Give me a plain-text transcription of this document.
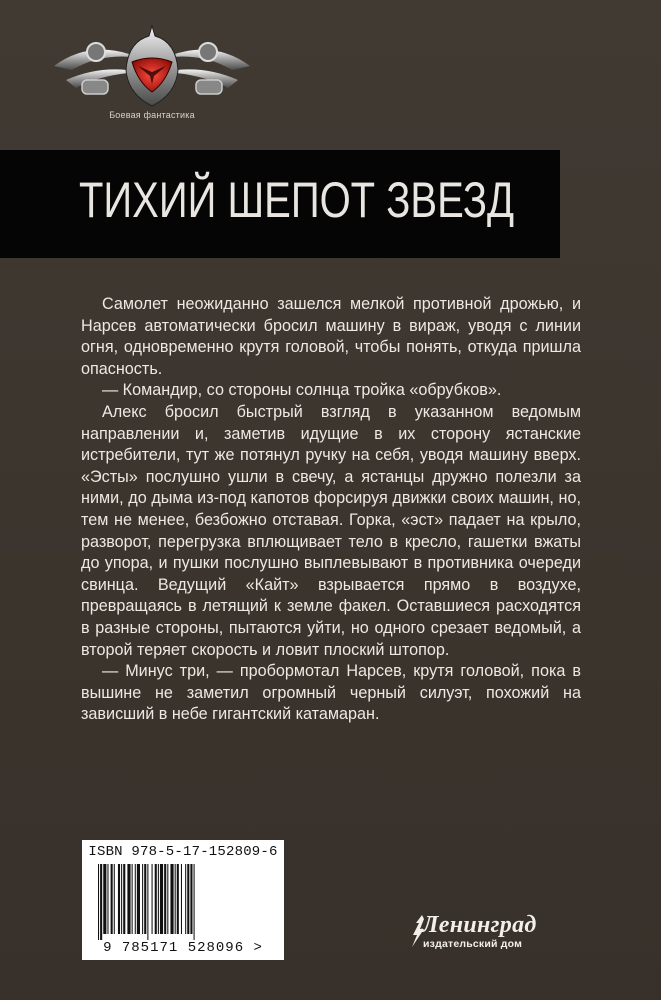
Боевая фантастика
ТИХИЙ ШЕПОТ ЗВЕЗД

Самолет неожиданно зашелся мелкой противной дрожью, и Нарсев автоматически бросил машину в вираж, уводя с линии огня, одновременно крутя головой, чтобы понять, откуда пришла опасность.

— Командир, со стороны солнца тройка «обрубков».

Алекс бросил быстрый взгляд в указанном ведомым направлении и, заметив идущие в их сторону ястанские истребители, тут же потянул ручку на себя, уводя машину вверх. «Эсты» послушно ушли в свечу, а ястанцы дружно полезли за ними, до дыма из-под капотов форсируя движки своих машин, но, тем не менее, безбожно отставая. Горка, «эст» падает на крыло, разворот, перегрузка вплющивает тело в кресло, гашетки вжаты до упора, и пушки послушно выплевывают в противника очереди свинца. Ведущий «Кайт» взрывается прямо в воздухе, превращаясь в летящий к земле факел. Оставшиеся расходятся в разные стороны, пытаются уйти, но одного срезает ведомый, а второй теряет скорость и ловит плоский штопор.

— Минус три, — пробормотал Нарсев, крутя головой, пока в вышине не заметил огромный черный силуэт, похожий на зависший в небе гигантский катамаран.

ISBN 978-5-17-152809-6
9 785171 528096 >
Ленинград
издательский дом
